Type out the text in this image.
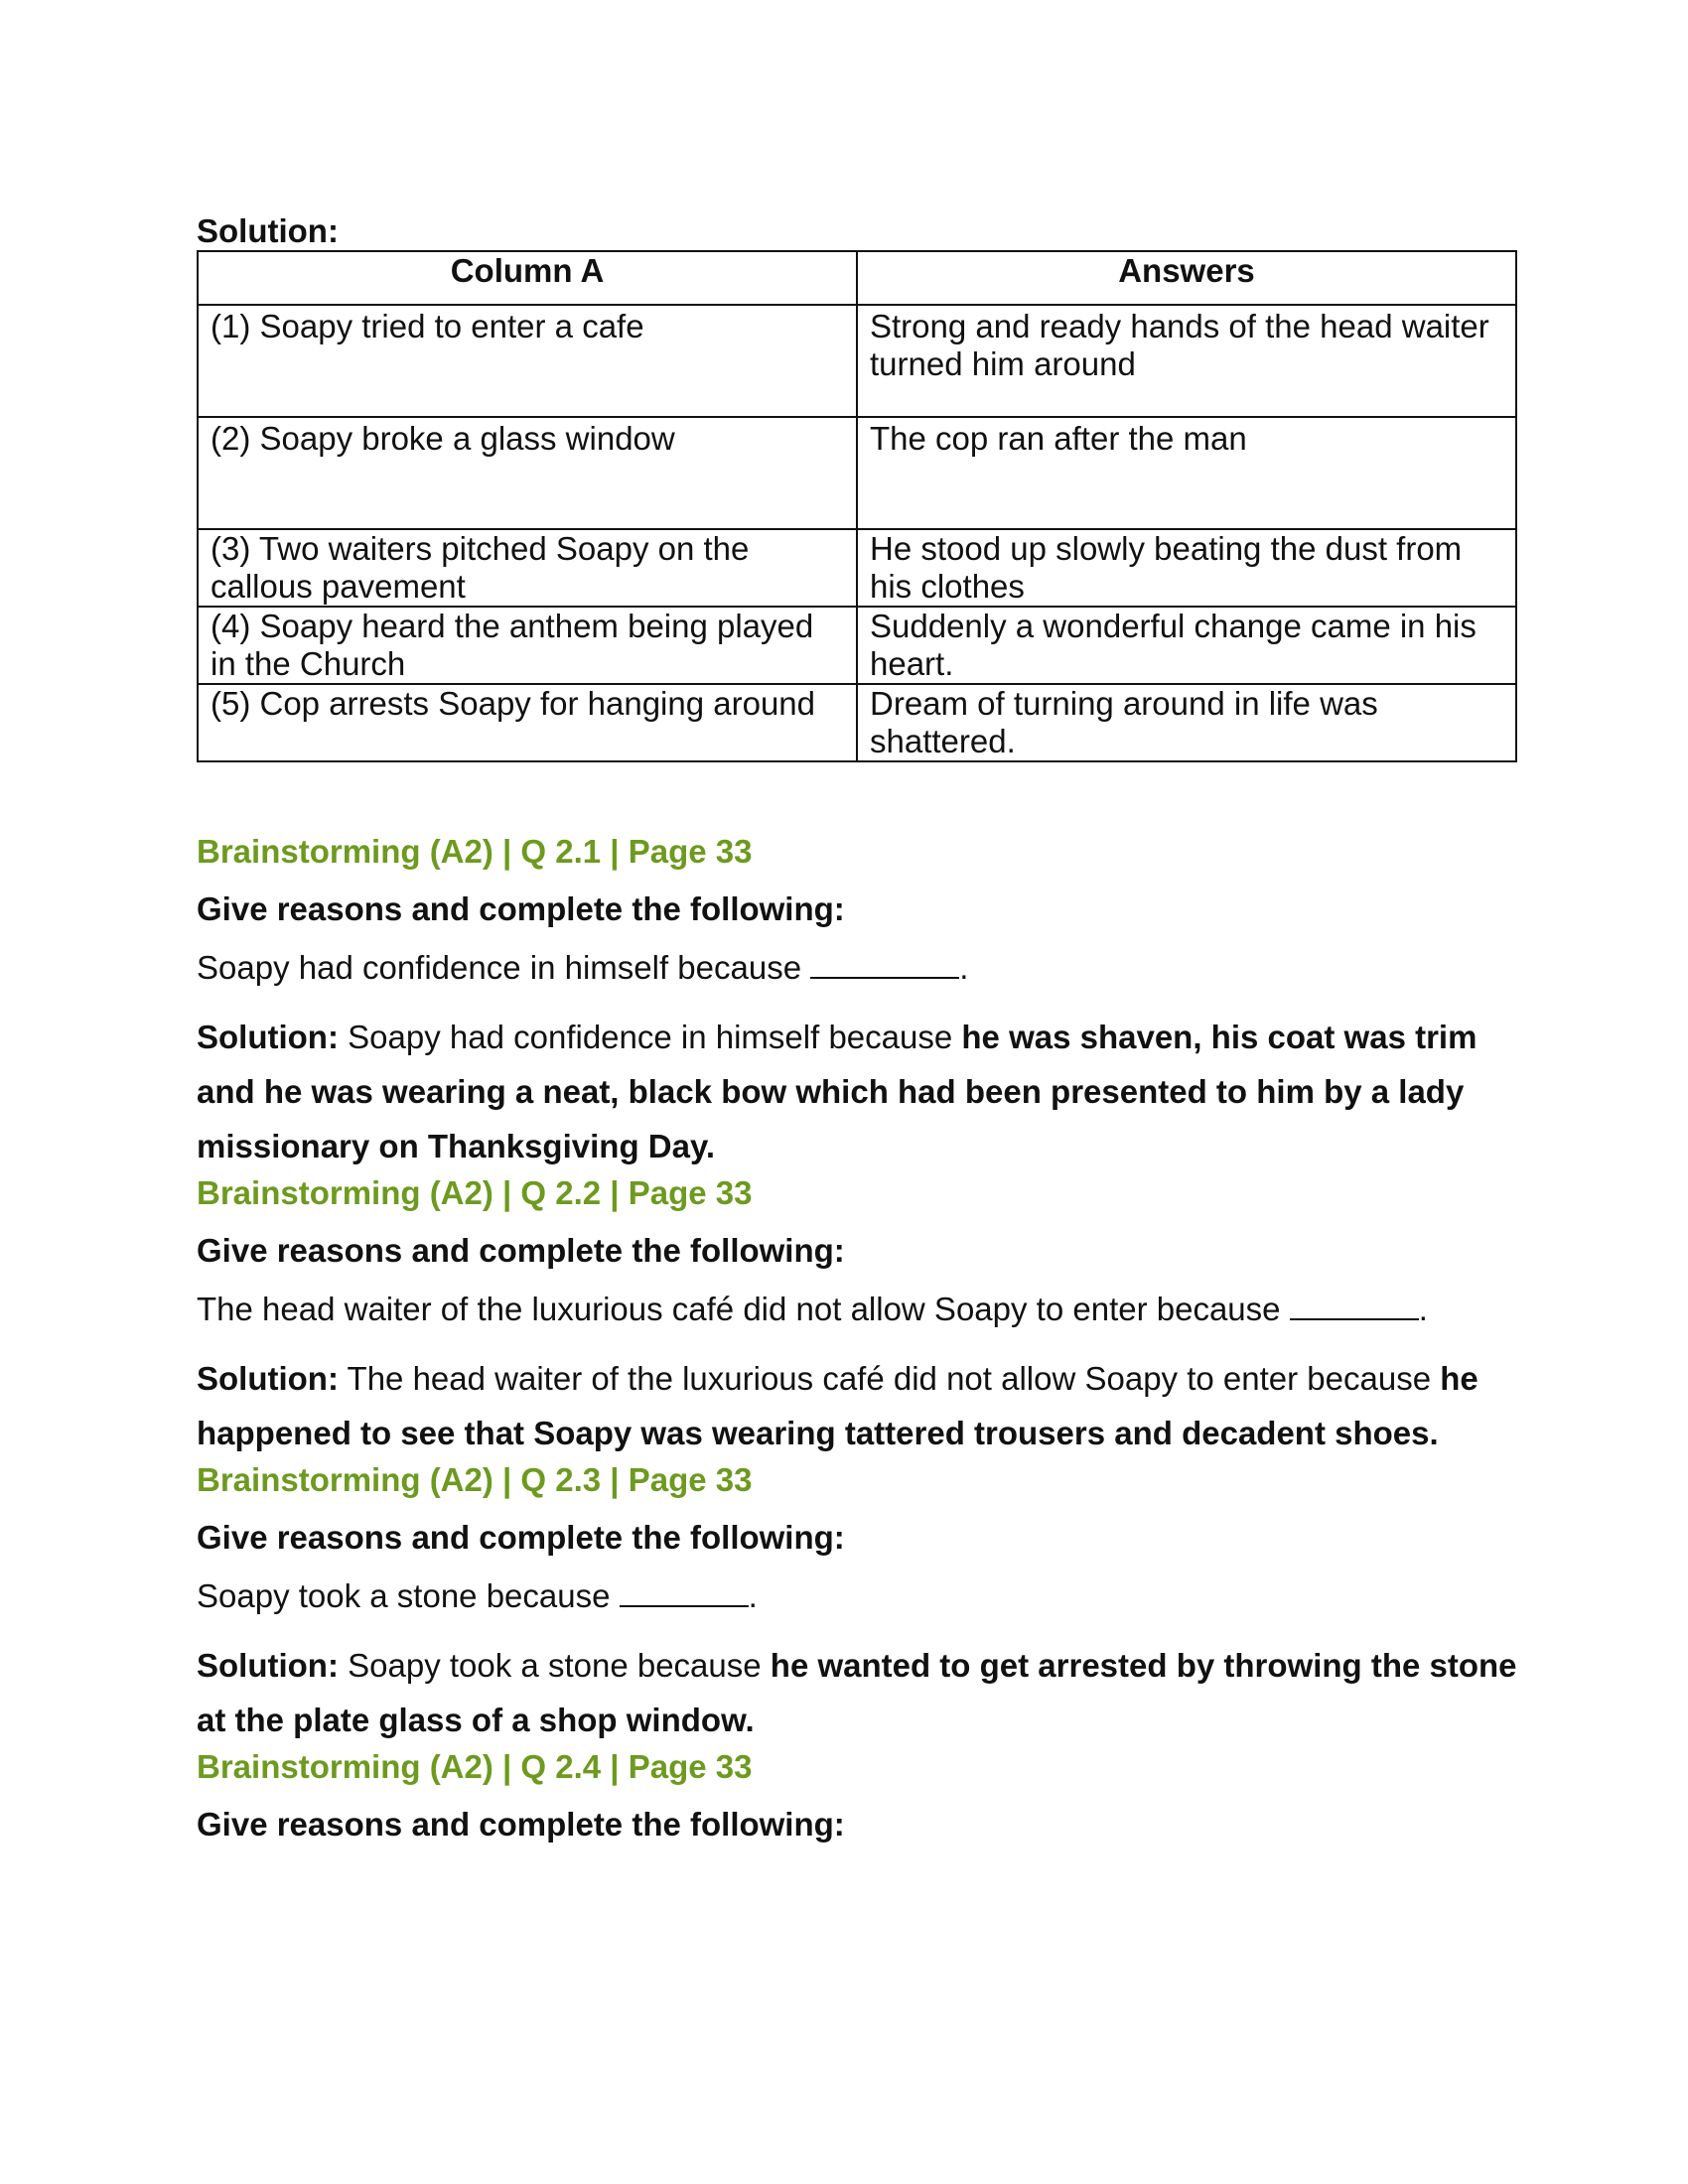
Solution:

Column A	Answers
(1) Soapy tried to enter a cafe	Strong and ready hands of the head waiter turned him around
(2) Soapy broke a glass window	The cop ran after the man
(3) Two waiters pitched Soapy on the callous pavement	He stood up slowly beating the dust from his clothes
(4) Soapy heard the anthem being played in the Church	Suddenly a wonderful change came in his heart.
(5) Cop arrests Soapy for hanging around	Dream of turning around in life was shattered.

Brainstorming (A2) | Q 2.1 | Page 33

Give reasons and complete the following:

Soapy had confidence in himself because	.

Solution: Soapy had confidence in himself because he was shaven, his coat was trim and he was wearing a neat, black bow which had been presented to him by a lady missionary on Thanksgiving Day.

Brainstorming (A2) | Q 2.2 | Page 33

Give reasons and complete the following:

The head waiter of the luxurious café did not allow Soapy to enter because	.

Solution: The head waiter of the luxurious café did not allow Soapy to enter because he happened to see that Soapy was wearing tattered trousers and decadent shoes.

Brainstorming (A2) | Q 2.3 | Page 33

Give reasons and complete the following:

Soapy took a stone because	.

Solution: Soapy took a stone because he wanted to get arrested by throwing the stone at the plate glass of a shop window.

Brainstorming (A2) | Q 2.4 | Page 33

Give reasons and complete the following:
